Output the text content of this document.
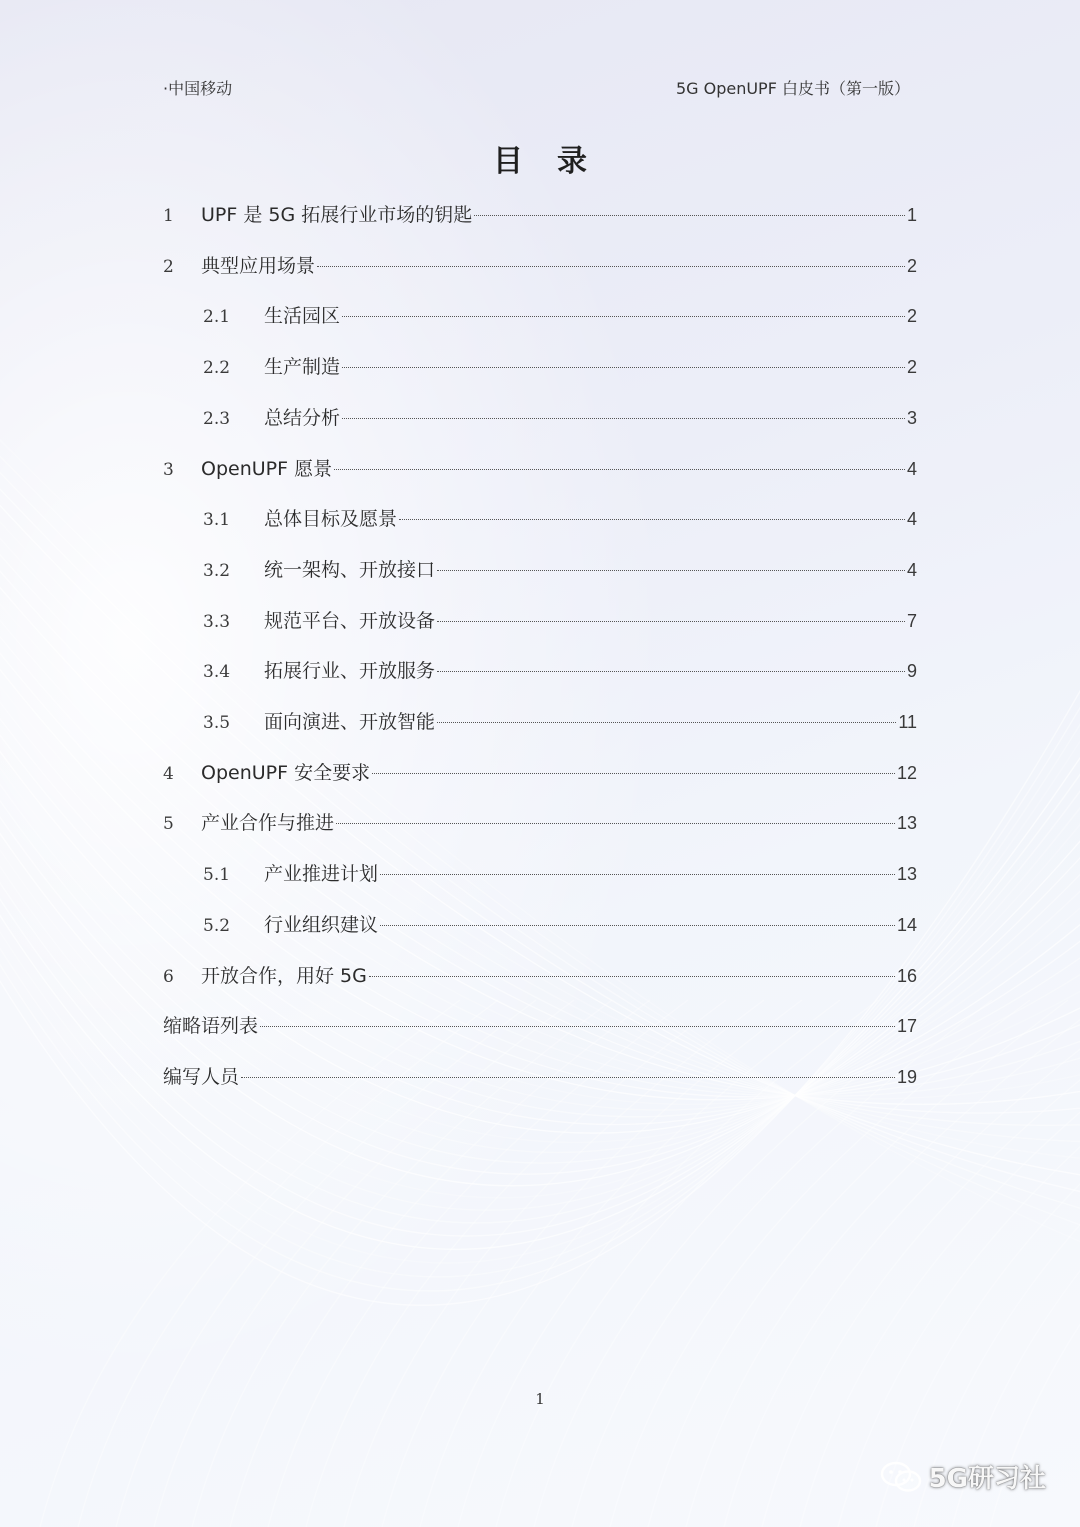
·中国移动	5G OpenUPF 白皮书（第一版）
目录
1	UPF 是 5G 拓展行业市场的钥匙	1
2	典型应用场景	2
2.1	生活园区	2
2.2	生产制造	2
2.3	总结分析	3
3	OpenUPF 愿景	4
3.1	总体目标及愿景	4
3.2	统一架构、开放接口	4
3.3	规范平台、开放设备	7
3.4	拓展行业、开放服务	9
3.5	面向演进、开放智能	11
4	OpenUPF 安全要求	12
5	产业合作与推进	13
5.1	产业推进计划	13
5.2	行业组织建议	14
6	开放合作，用好 5G	16
缩略语列表	17
编写人员	19
1
5G研习社
